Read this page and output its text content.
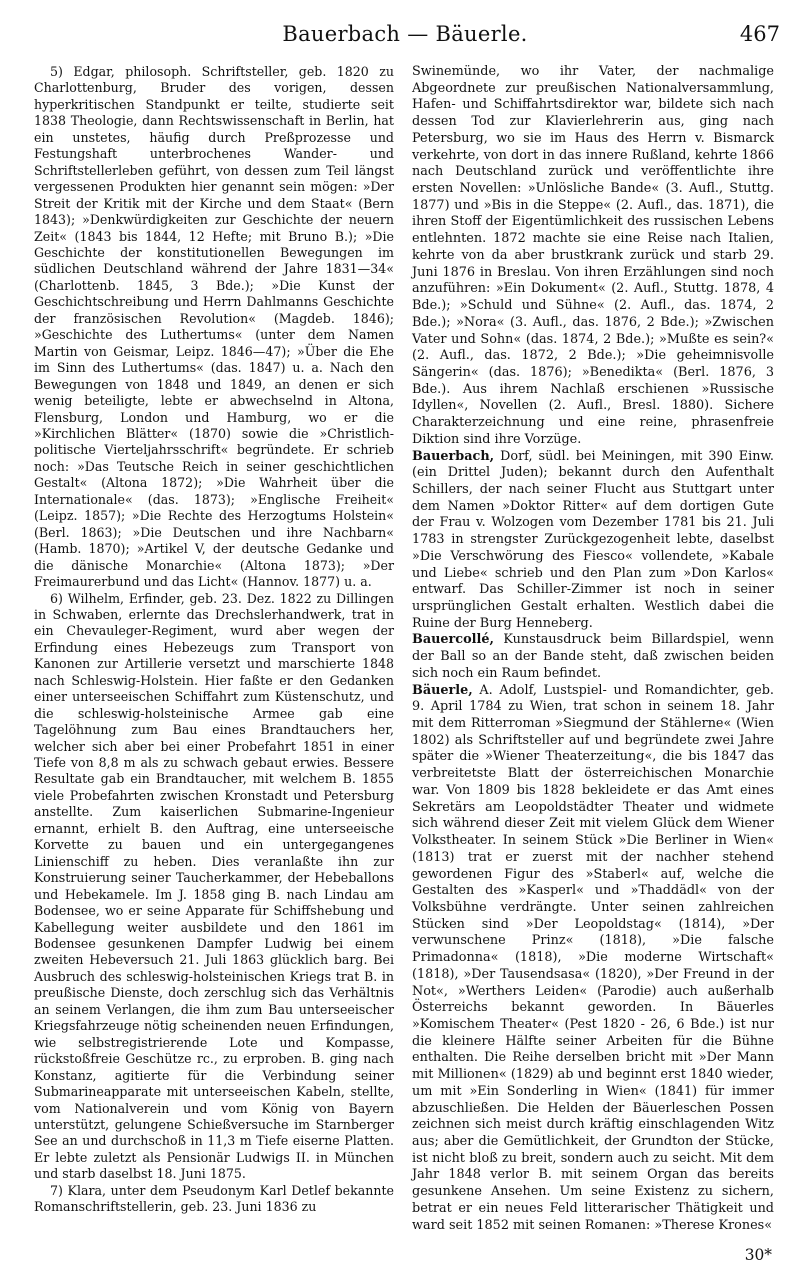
Bauerbach — Bäuerle.	467

5) Edgar, philosoph. Schriftsteller, geb. 1820 zu Charlottenburg, Bruder des vorigen, dessen hyperkritischen Standpunkt er teilte, studierte seit 1838 Theologie, dann Rechtswissenschaft in Berlin, hat ein unstetes, häufig durch Preßprozesse und Festungshaft unterbrochenes Wander- und Schriftstellerleben geführt, von dessen zum Teil längst vergessenen Produkten hier genannt sein mögen: »Der Streit der Kritik mit der Kirche und dem Staat« (Bern 1843); »Denkwürdigkeiten zur Geschichte der neuern Zeit« (1843 bis 1844, 12 Hefte; mit Bruno B.); »Die Geschichte der konstitutionellen Bewegungen im südlichen Deutschland während der Jahre 1831—34« (Charlottenb. 1845, 3 Bde.); »Die Kunst der Geschichtschreibung und Herrn Dahlmanns Geschichte der französischen Revolution« (Magdeb. 1846); »Geschichte des Luthertums« (unter dem Namen Martin von Geismar, Leipz. 1846—47); »Über die Ehe im Sinn des Luthertums« (das. 1847) u. a. Nach den Bewegungen von 1848 und 1849, an denen er sich wenig beteiligte, lebte er abwechselnd in Altona, Flensburg, London und Hamburg, wo er die »Kirchlichen Blätter« (1870) sowie die »Christlich-politische Vierteljahrsschrift« begründete. Er schrieb noch: »Das Teutsche Reich in seiner geschichtlichen Gestalt« (Altona 1872); »Die Wahrheit über die Internationale« (das. 1873); »Englische Freiheit« (Leipz. 1857); »Die Rechte des Herzogtums Holstein« (Berl. 1863); »Die Deutschen und ihre Nachbarn« (Hamb. 1870); »Artikel V, der deutsche Gedanke und die dänische Monarchie« (Altona 1873); »Der Freimaurerbund und das Licht« (Hannov. 1877) u. a.

6) Wilhelm, Erfinder, geb. 23. Dez. 1822 zu Dillingen in Schwaben, erlernte das Drechslerhandwerk, trat in ein Chevauleger-Regiment, wurd aber wegen der Erfindung eines Hebezeugs zum Transport von Kanonen zur Artillerie versetzt und marschierte 1848 nach Schleswig-Holstein. Hier faßte er den Gedanken einer unterseeischen Schiffahrt zum Küstenschutz, und die schleswig-holsteinische Armee gab eine Tagelöhnung zum Bau eines Brandtauchers her, welcher sich aber bei einer Probefahrt 1851 in einer Tiefe von 8,8 m als zu schwach gebaut erwies. Bessere Resultate gab ein Brandtaucher, mit welchem B. 1855 viele Probefahrten zwischen Kronstadt und Petersburg anstellte. Zum kaiserlichen Submarine-Ingenieur ernannt, erhielt B. den Auftrag, eine unterseeische Korvette zu bauen und ein untergegangenes Linienschiff zu heben. Dies veranlaßte ihn zur Konstruierung seiner Taucherkammer, der Hebeballons und Hebekamele. Im J. 1858 ging B. nach Lindau am Bodensee, wo er seine Apparate für Schiffshebung und Kabellegung weiter ausbildete und den 1861 im Bodensee gesunkenen Dampfer Ludwig bei einem zweiten Hebeversuch 21. Juli 1863 glücklich barg. Bei Ausbruch des schleswig-holsteinischen Kriegs trat B. in preußische Dienste, doch zerschlug sich das Verhältnis an seinem Verlangen, die ihm zum Bau unterseeischer Kriegsfahrzeuge nötig scheinenden neuen Erfindungen, wie selbstregistrierende Lote und Kompasse, rückstoßfreie Geschütze rc., zu erproben. B. ging nach Konstanz, agitierte für die Verbindung seiner Submarineapparate mit unterseeischen Kabeln, stellte, vom Nationalverein und vom König von Bayern unterstützt, gelungene Schießversuche im Starnberger See an und durchschoß in 11,3 m Tiefe eiserne Platten. Er lebte zuletzt als Pensionär Ludwigs II. in München und starb daselbst 18. Juni 1875.

7) Klara, unter dem Pseudonym Karl Detlef bekannte Romanschriftstellerin, geb. 23. Juni 1836 zu

Swinemünde, wo ihr Vater, der nachmalige Abgeordnete zur preußischen Nationalversammlung, Hafen- und Schiffahrtsdirektor war, bildete sich nach dessen Tod zur Klavierlehrerin aus, ging nach Petersburg, wo sie im Haus des Herrn v. Bismarck verkehrte, von dort in das innere Rußland, kehrte 1866 nach Deutschland zurück und veröffentlichte ihre ersten Novellen: »Unlösliche Bande« (3. Aufl., Stuttg. 1877) und »Bis in die Steppe« (2. Aufl., das. 1871), die ihren Stoff der Eigentümlichkeit des russischen Lebens entlehnten. 1872 machte sie eine Reise nach Italien, kehrte von da aber brustkrank zurück und starb 29. Juni 1876 in Breslau. Von ihren Erzählungen sind noch anzuführen: »Ein Dokument« (2. Aufl., Stuttg. 1878, 4 Bde.); »Schuld und Sühne« (2. Aufl., das. 1874, 2 Bde.); »Nora« (3. Aufl., das. 1876, 2 Bde.); »Zwischen Vater und Sohn« (das. 1874, 2 Bde.); »Mußte es sein?« (2. Aufl., das. 1872, 2 Bde.); »Die geheimnisvolle Sängerin« (das. 1876); »Benedikta« (Berl. 1876, 3 Bde.). Aus ihrem Nachlaß erschienen »Russische Idyllen«, Novellen (2. Aufl., Bresl. 1880). Sichere Charakterzeichnung und eine reine, phrasenfreie Diktion sind ihre Vorzüge.

Bauerbach, Dorf, südl. bei Meiningen, mit 390 Einw. (ein Drittel Juden); bekannt durch den Aufenthalt Schillers, der nach seiner Flucht aus Stuttgart unter dem Namen »Doktor Ritter« auf dem dortigen Gute der Frau v. Wolzogen vom Dezember 1781 bis 21. Juli 1783 in strengster Zurückgezogenheit lebte, daselbst »Die Verschwörung des Fiesco« vollendete, »Kabale und Liebe« schrieb und den Plan zum »Don Karlos« entwarf. Das Schiller-Zimmer ist noch in seiner ursprünglichen Gestalt erhalten. Westlich dabei die Ruine der Burg Henneberg.

Bauercollé, Kunstausdruck beim Billardspiel, wenn der Ball so an der Bande steht, daß zwischen beiden sich noch ein Raum befindet.

Bäuerle, A. Adolf, Lustspiel- und Romandichter, geb. 9. April 1784 zu Wien, trat schon in seinem 18. Jahr mit dem Ritterroman »Siegmund der Stählerne« (Wien 1802) als Schriftsteller auf und begründete zwei Jahre später die »Wiener Theaterzeitung«, die bis 1847 das verbreitetste Blatt der österreichischen Monarchie war. Von 1809 bis 1828 bekleidete er das Amt eines Sekretärs am Leopoldstädter Theater und widmete sich während dieser Zeit mit vielem Glück dem Wiener Volkstheater. In seinem Stück »Die Berliner in Wien« (1813) trat er zuerst mit der nachher stehend gewordenen Figur des »Staberl« auf, welche die Gestalten des »Kasperl« und »Thaddädl« von der Volksbühne verdrängte. Unter seinen zahlreichen Stücken sind »Der Leopoldstag« (1814), »Der verwunschene Prinz« (1818), »Die falsche Primadonna« (1818), »Die moderne Wirtschaft« (1818), »Der Tausendsasa« (1820), »Der Freund in der Not«, »Werthers Leiden« (Parodie) auch außerhalb Österreichs bekannt geworden. In Bäuerles »Komischem Theater« (Pest 1820 - 26, 6 Bde.) ist nur die kleinere Hälfte seiner Arbeiten für die Bühne enthalten. Die Reihe derselben bricht mit »Der Mann mit Millionen« (1829) ab und beginnt erst 1840 wieder, um mit »Ein Sonderling in Wien« (1841) für immer abzuschließen. Die Helden der Bäuerleschen Possen zeichnen sich meist durch kräftig einschlagenden Witz aus; aber die Gemütlichkeit, der Grundton der Stücke, ist nicht bloß zu breit, sondern auch zu seicht. Mit dem Jahr 1848 verlor B. mit seinem Organ das bereits gesunkene Ansehen. Um seine Existenz zu sichern, betrat er ein neues Feld litterarischer Thätigkeit und ward seit 1852 mit seinen Romanen: »Therese Krones«

30*
